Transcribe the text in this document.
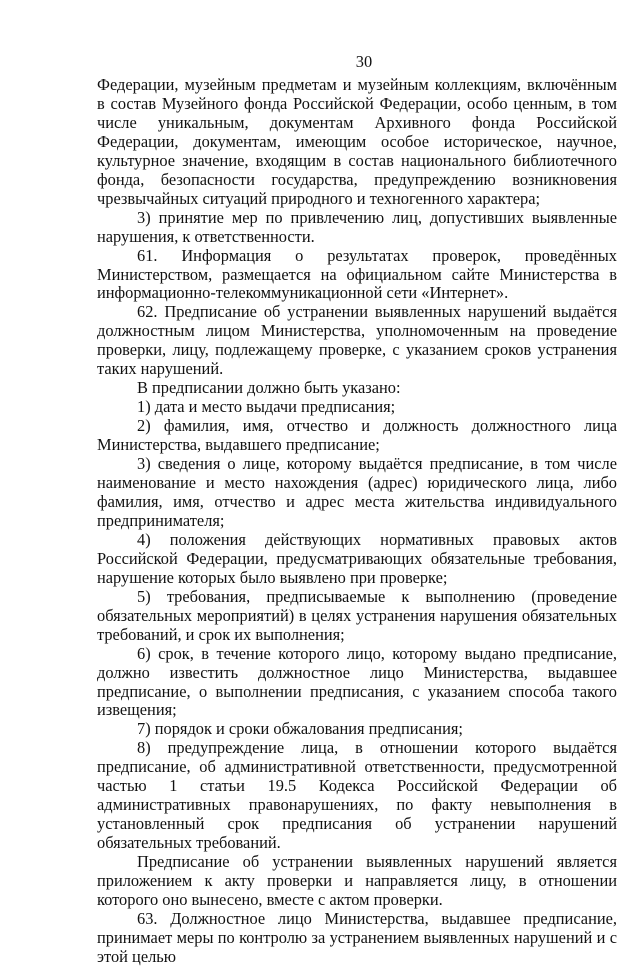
30

Федерации, музейным предметам и музейным коллекциям, включённым в состав Музейного фонда Российской Федерации, особо ценным, в том числе уникальным, документам Архивного фонда Российской Федерации, документам, имеющим особое историческое, научное, культурное значение, входящим в состав национального библиотечного фонда, безопасности государства, предупреждению возникновения чрезвычайных ситуаций природного и техногенного характера;

3) принятие мер по привлечению лиц, допустивших выявленные нарушения, к ответственности.

61. Информация о результатах проверок, проведённых Министерством, размещается на официальном сайте Министерства в информационно-телекоммуникационной сети «Интернет».

62. Предписание об устранении выявленных нарушений выдаётся должностным лицом Министерства, уполномоченным на проведение проверки, лицу, подлежащему проверке, с указанием сроков устранения таких нарушений.

В предписании должно быть указано:

1) дата и место выдачи предписания;

2) фамилия, имя, отчество и должность должностного лица Министерства, выдавшего предписание;

3) сведения о лице, которому выдаётся предписание, в том числе наименование и место нахождения (адрес) юридического лица, либо фамилия, имя, отчество и адрес места жительства индивидуального предпринимателя;

4) положения действующих нормативных правовых актов Российской Федерации, предусматривающих обязательные требования, нарушение которых было выявлено при проверке;

5) требования, предписываемые к выполнению (проведение обязательных мероприятий) в целях устранения нарушения обязательных требований, и срок их выполнения;

6) срок, в течение которого лицо, которому выдано предписание, должно известить должностное лицо Министерства, выдавшее предписание, о выполнении предписания, с указанием способа такого извещения;

7) порядок и сроки обжалования предписания;

8) предупреждение лица, в отношении которого выдаётся предписание, об административной ответственности, предусмотренной частью 1 статьи 19.5 Кодекса Российской Федерации об административных правонарушениях, по факту невыполнения в установленный срок предписания об устранении нарушений обязательных требований.

Предписание об устранении выявленных нарушений является приложением к акту проверки и направляется лицу, в отношении которого оно вынесено, вместе с актом проверки.

63. Должностное лицо Министерства, выдавшее предписание, принимает меры по контролю за устранением выявленных нарушений и с этой целью
